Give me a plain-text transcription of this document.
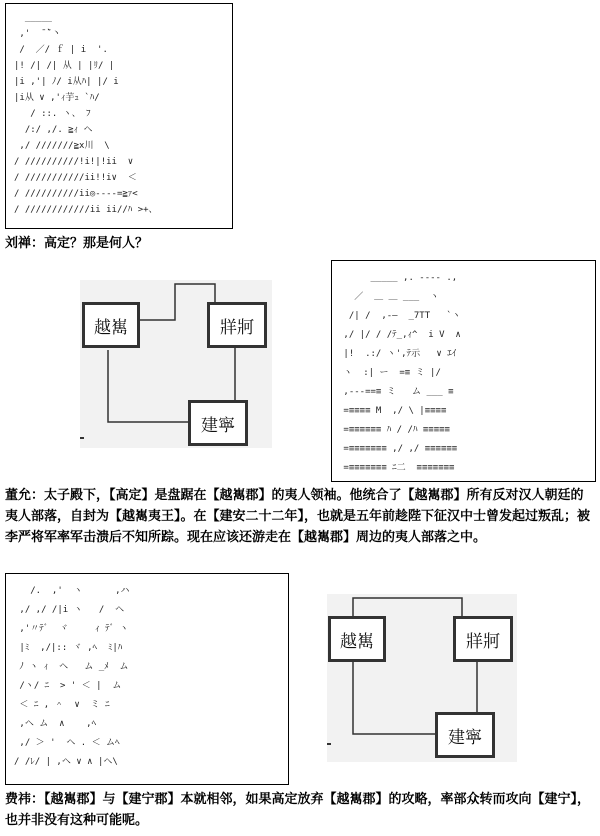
_____
,'  ̄ ̄`丶
/  ／/ ｆ | i  '.
|! /| /| 从 | |ﾘ/ |
|i ,'| ﾉ/ i从ﾊ| |/ i
|i从 ∨ ,'ｨ芋ｭ `ﾊ/
/ ::. ヽ、 ﾌ
/:/ ,/. ≧ｨ ヘ
,/ ///////≧x川  \
/ //////////!i!|!ii  ∨
/ ///////////ii!!i∨  ＜
/ //////////ii◎----=≧ｧ<
/ ////////////ii ii//ﾊ >+、
刘禅：高定？那是何人？
越嶲	牂牁
建寧
_____ ,. ---- .,
／  ＿ ＿ ___  ヽ
/| /  ,-―  _7TT   `ヽ
,/ |/ / /ﾃ_,ｨ^  i V  ∧
|!  .:/ ヽ',ﾃ示   ∨ ｴｲ
ヽ  :| ー  =≡ ミ |/
,---==≡ ミ   ム ___ ≡
=≡≡≡≡ M  ,/ \ |≡≡≡≡
=≡≡≡≡≡≡ ﾊ / /ﾊ ≡≡≡≡≡
=≡≡≡≡≡≡≡ ,/ ,/ ≡≡≡≡≡≡
=≡≡≡≡≡≡≡ ﾆ二  ≡≡≡≡≡≡≡
董允：太子殿下，【高定】是盘踞在【越嶲郡】的夷人领袖。他统合了【越嶲郡】所有反对汉人朝廷的夷人部落，自封为【越嶲夷王】。在【建安二十二年】，也就是五年前趁陛下征汉中士曾发起过叛乱；被李严将军率军击溃后不知所踪。现在应该还游走在【越嶲郡】周边的夷人部落之中。
/.  ,'  ヽ      ,ハ
,/ ,/ /|i ヽ   /  ヘ
,'〃ﾃﾞ  ヾ     ｨ ﾃﾞ ヽ
|ﾐ  ,/|:: ヾ ,ﾍ  ﾐ|ﾊ
ﾉ ヽ ｨ  ヘ   ム _ﾒ  ム
/ヽ/ ﾆ  > ' ＜ |  ム
＜ ﾆ , ＾  ∨  ミ ﾆ
,ヘ ム  ∧    ,ﾍ
,/ ＞ '  ヘ . ＜ ムﾍ
/ /ﾚ/ | ,ヘ ∨ ∧ |ヘ\
越嶲	牂牁
建寧
费祎：【越嶲郡】与【建宁郡】本就相邻，如果高定放弃【越嶲郡】的攻略，率部众转而攻向【建宁】，也并非没有这种可能呢。
